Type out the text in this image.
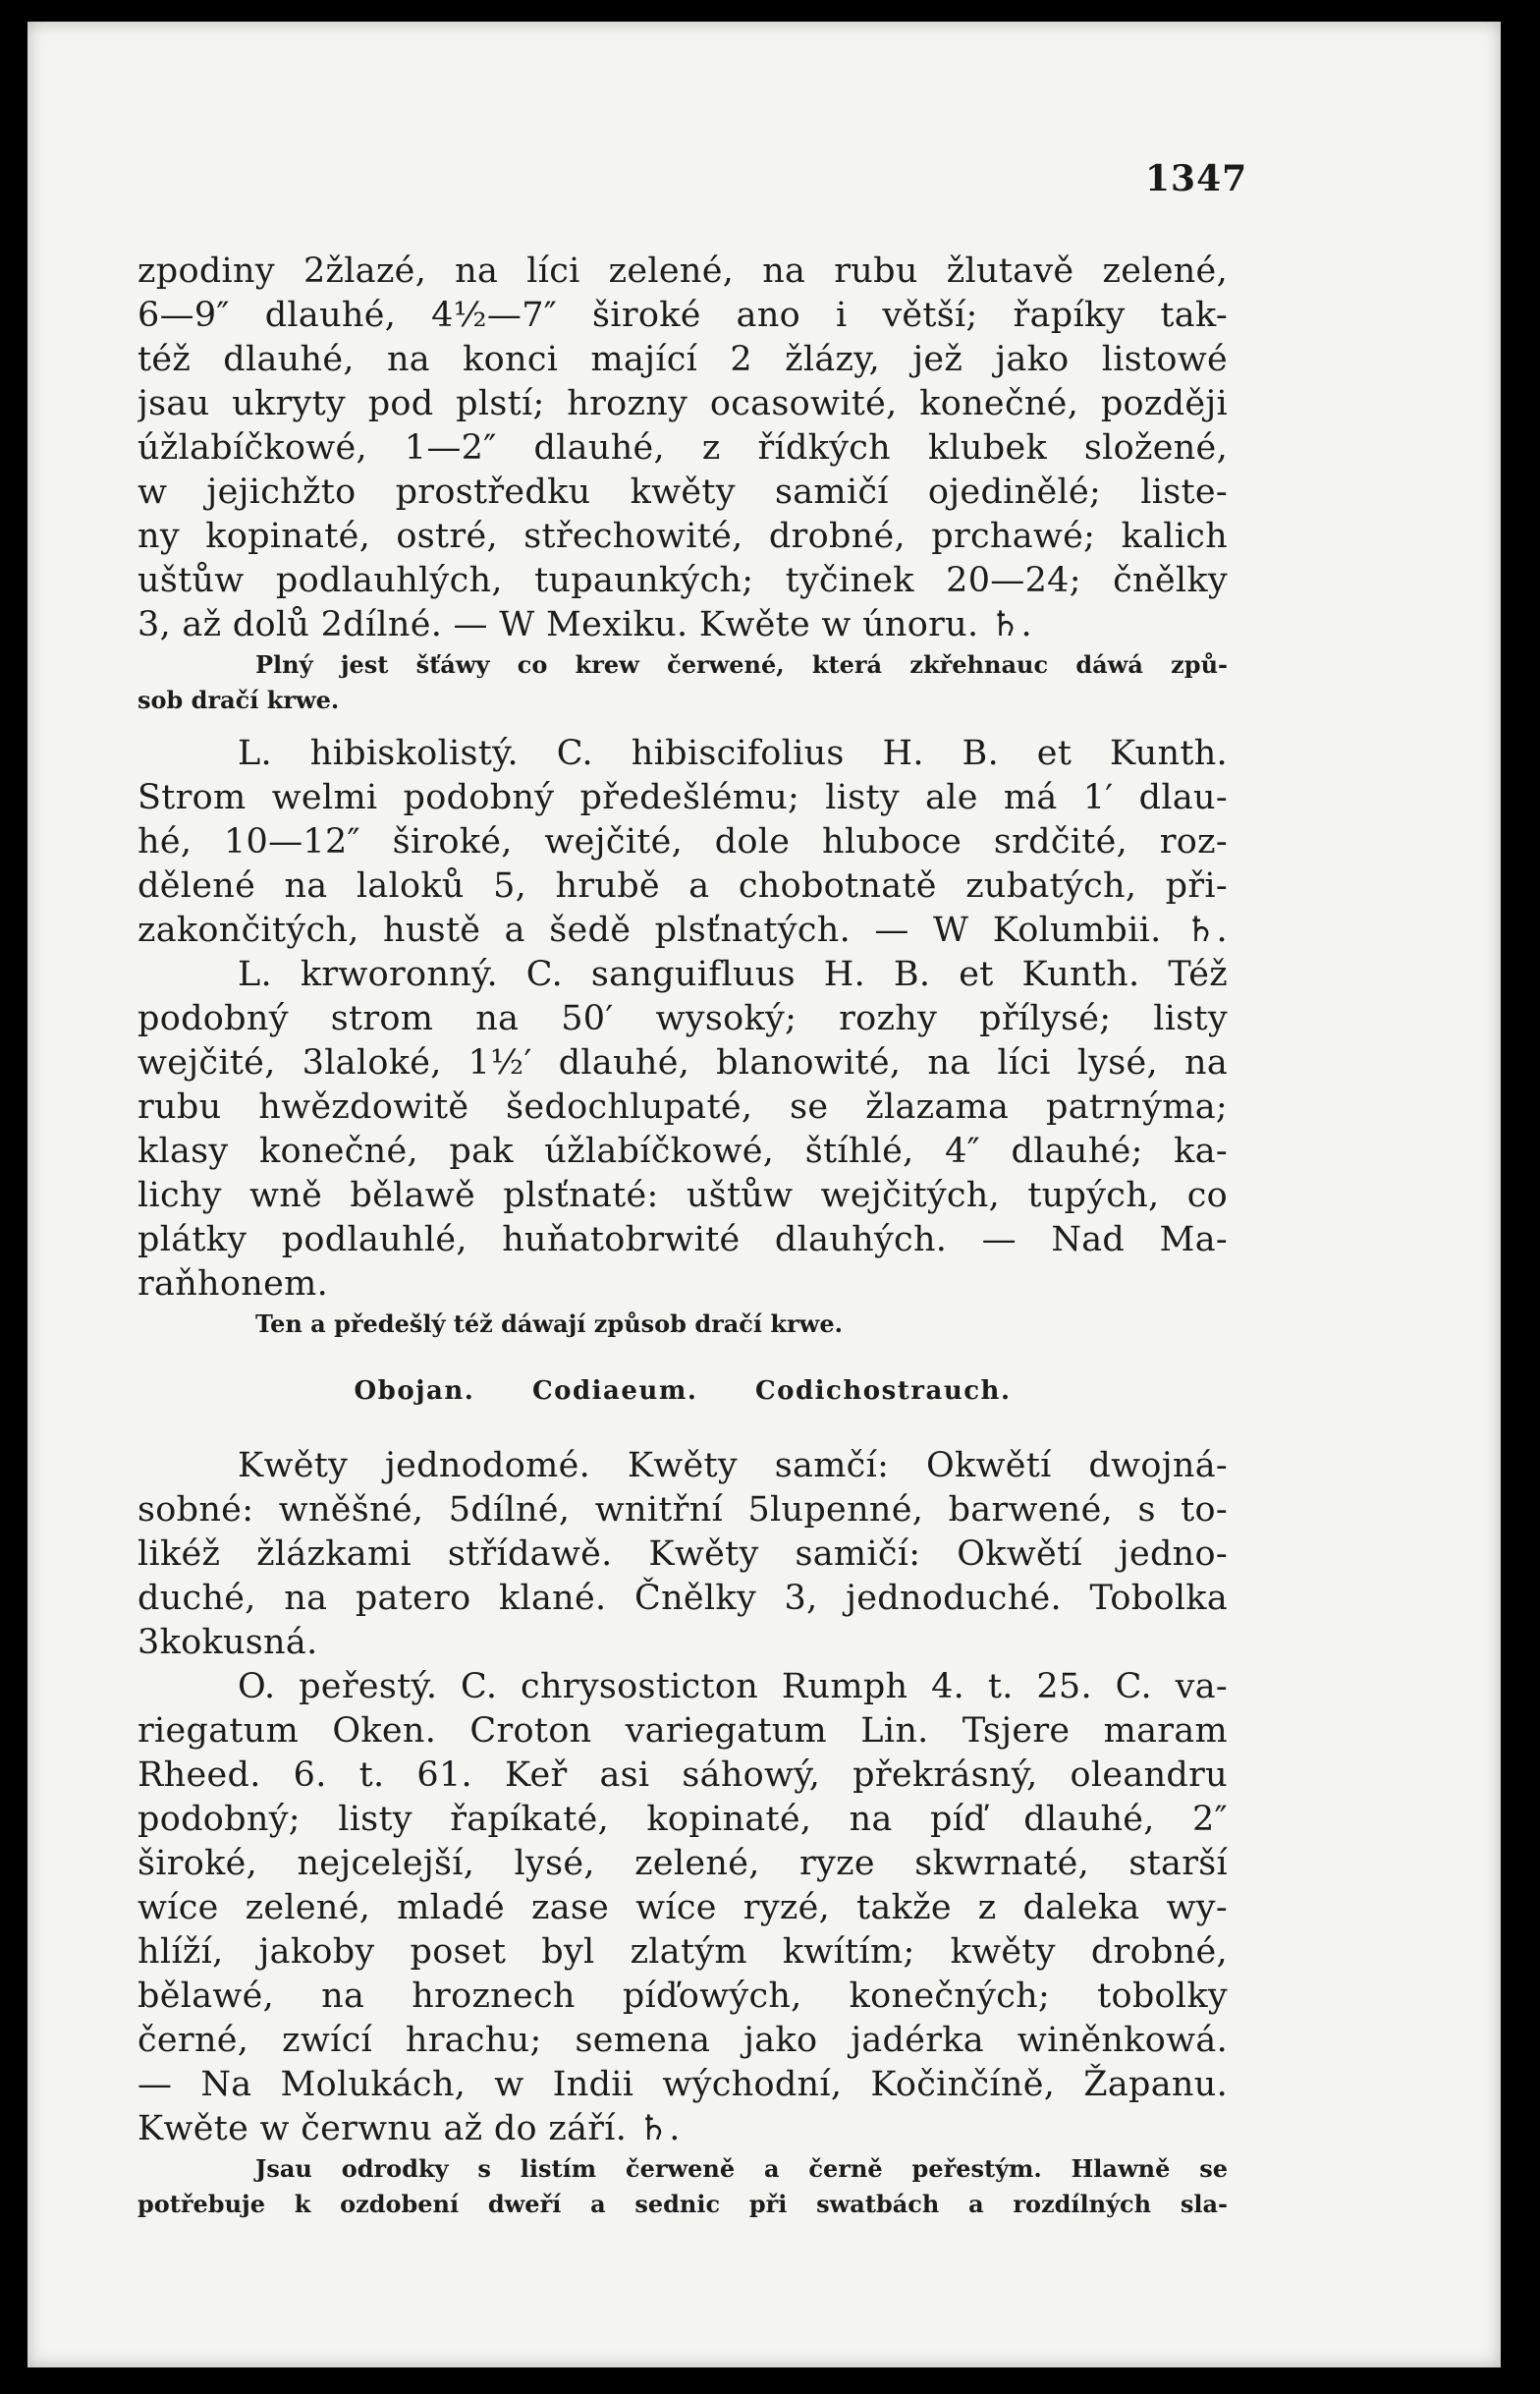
1347
zpodiny 2žlazé, na líci zelené, na rubu žlutavě zelené,
6—9″ dlauhé, 4½—7″ široké ano i větší; řapíky tak-
též dlauhé, na konci mající 2 žlázy, jež jako listowé
jsau ukryty pod plstí; hrozny ocasowité, konečné, později
úžlabíčkowé, 1—2″ dlauhé, z řídkých klubek složené,
w jejichžto prostředku kwěty samičí ojedinělé; listе-
ny kopinaté, ostré, střechowité, drobné, prchawé; kalich
uštůw podlauhlých, tupaunkých; tyčinek 20—24; čnělky
3, až dolů 2dílné. — W Mexiku. Kwěte w únoru. ♄.
Plný jest šťáwy co krew čerwené, která zkřehnauc dáwá způ-
sob dračí krwe.
L. hibiskolistý. C. hibiscifolius H. B. et Kunth.
Strom welmi podobný předešlému; listy ale má 1′ dlau-
hé, 10—12″ široké, wejčité, dole hluboce srdčité, roz-
dělené na laloků 5, hrubě a chobotnatě zubatých, při-
zakončitých, hustě a šedě plsťnatých. — W Kolumbii. ♄.
L. krworonný. C. sanguifluus H. B. et Kunth. Též
podobný strom na 50′ wysoký; rozhy přílysé; listy
wejčité, 3laloké, 1½′ dlauhé, blanowité, na líci lysé, na
rubu hwězdowitě šedochlupaté, se žlazama patrnýma;
klasy konečné, pak úžlabíčkowé, štíhlé, 4″ dlauhé; ka-
lichy wně bělawě plsťnaté: uštůw wejčitých, tupých, co
plátky podlauhlé, huňatobrwité dlauhých. — Nad Ma-
raňhonem.
Ten a předešlý též dáwají způsob dračí krwe.
Obojan. Codiaeum. Codichostrauch.
Kwěty jednodomé. Kwěty samčí: Okwětí dwojná-
sobné: wněšné, 5dílné, wnitřní 5lupenné, barwené, s to-
likéž žlázkami střídawě. Kwěty samičí: Okwětí jedno-
duché, na patero klané. Čnělky 3, jednoduché. Tobolka
3kokusná.
O. peřestý. C. chrysosticton Rumph 4. t. 25. C. va-
riegatum Oken. Croton variegatum Lin. Tsjere maram
Rheed. 6. t. 61. Keř asi sáhowý, překrásný, oleandru
podobný; listy řapíkaté, kopinaté, na píď dlauhé, 2″
široké, nejcelejší, lysé, zelené, ryze skwrnaté, starší
wíce zelené, mladé zase wíce ryzé, takže z daleka wy-
hlíží, jakoby poset byl zlatým kwítím; kwěty drobné,
bělawé, na hroznech píďowých, konečných; tobolky
černé, zwící hrachu; semena jako jadérka winěnkowá.
— Na Molukách, w Indii wýchodní, Kočinčíně, Žapanu.
Kwěte w čerwnu až do září. ♄.
Jsau odrodky s listím čerweně a černě peřestým. Hlawně se
potřebuje k ozdobení dweří a sednic při swatbách a rozdílných sla-
